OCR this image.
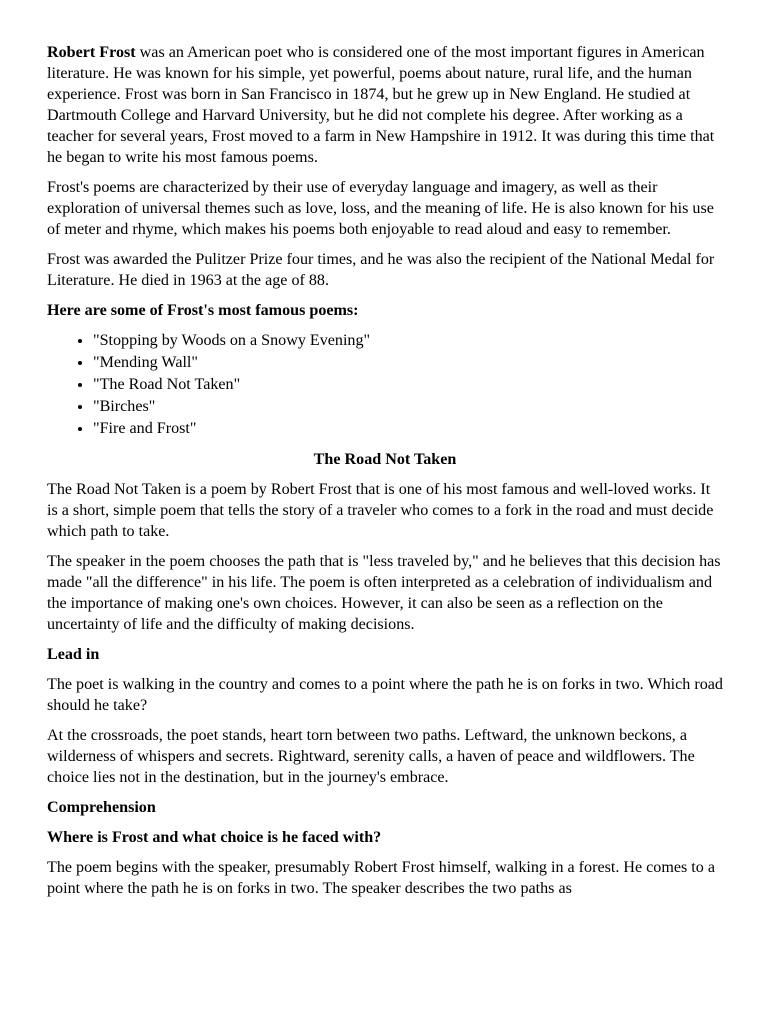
Robert Frost was an American poet who is considered one of the most important figures in American literature. He was known for his simple, yet powerful, poems about nature, rural life, and the human experience. Frost was born in San Francisco in 1874, but he grew up in New England. He studied at Dartmouth College and Harvard University, but he did not complete his degree. After working as a teacher for several years, Frost moved to a farm in New Hampshire in 1912. It was during this time that he began to write his most famous poems.

Frost's poems are characterized by their use of everyday language and imagery, as well as their exploration of universal themes such as love, loss, and the meaning of life. He is also known for his use of meter and rhyme, which makes his poems both enjoyable to read aloud and easy to remember.

Frost was awarded the Pulitzer Prize four times, and he was also the recipient of the National Medal for Literature. He died in 1963 at the age of 88.

Here are some of Frost's most famous poems:

• "Stopping by Woods on a Snowy Evening"
• "Mending Wall"
• "The Road Not Taken"
• "Birches"
• "Fire and Frost"

The Road Not Taken

The Road Not Taken is a poem by Robert Frost that is one of his most famous and well-loved works. It is a short, simple poem that tells the story of a traveler who comes to a fork in the road and must decide which path to take.

The speaker in the poem chooses the path that is "less traveled by," and he believes that this decision has made "all the difference" in his life. The poem is often interpreted as a celebration of individualism and the importance of making one's own choices. However, it can also be seen as a reflection on the uncertainty of life and the difficulty of making decisions.

Lead in

The poet is walking in the country and comes to a point where the path he is on forks in two. Which road should he take?

At the crossroads, the poet stands, heart torn between two paths. Leftward, the unknown beckons, a wilderness of whispers and secrets. Rightward, serenity calls, a haven of peace and wildflowers. The choice lies not in the destination, but in the journey's embrace.

Comprehension

Where is Frost and what choice is he faced with?

The poem begins with the speaker, presumably Robert Frost himself, walking in a forest. He comes to a point where the path he is on forks in two. The speaker describes the two paths as
